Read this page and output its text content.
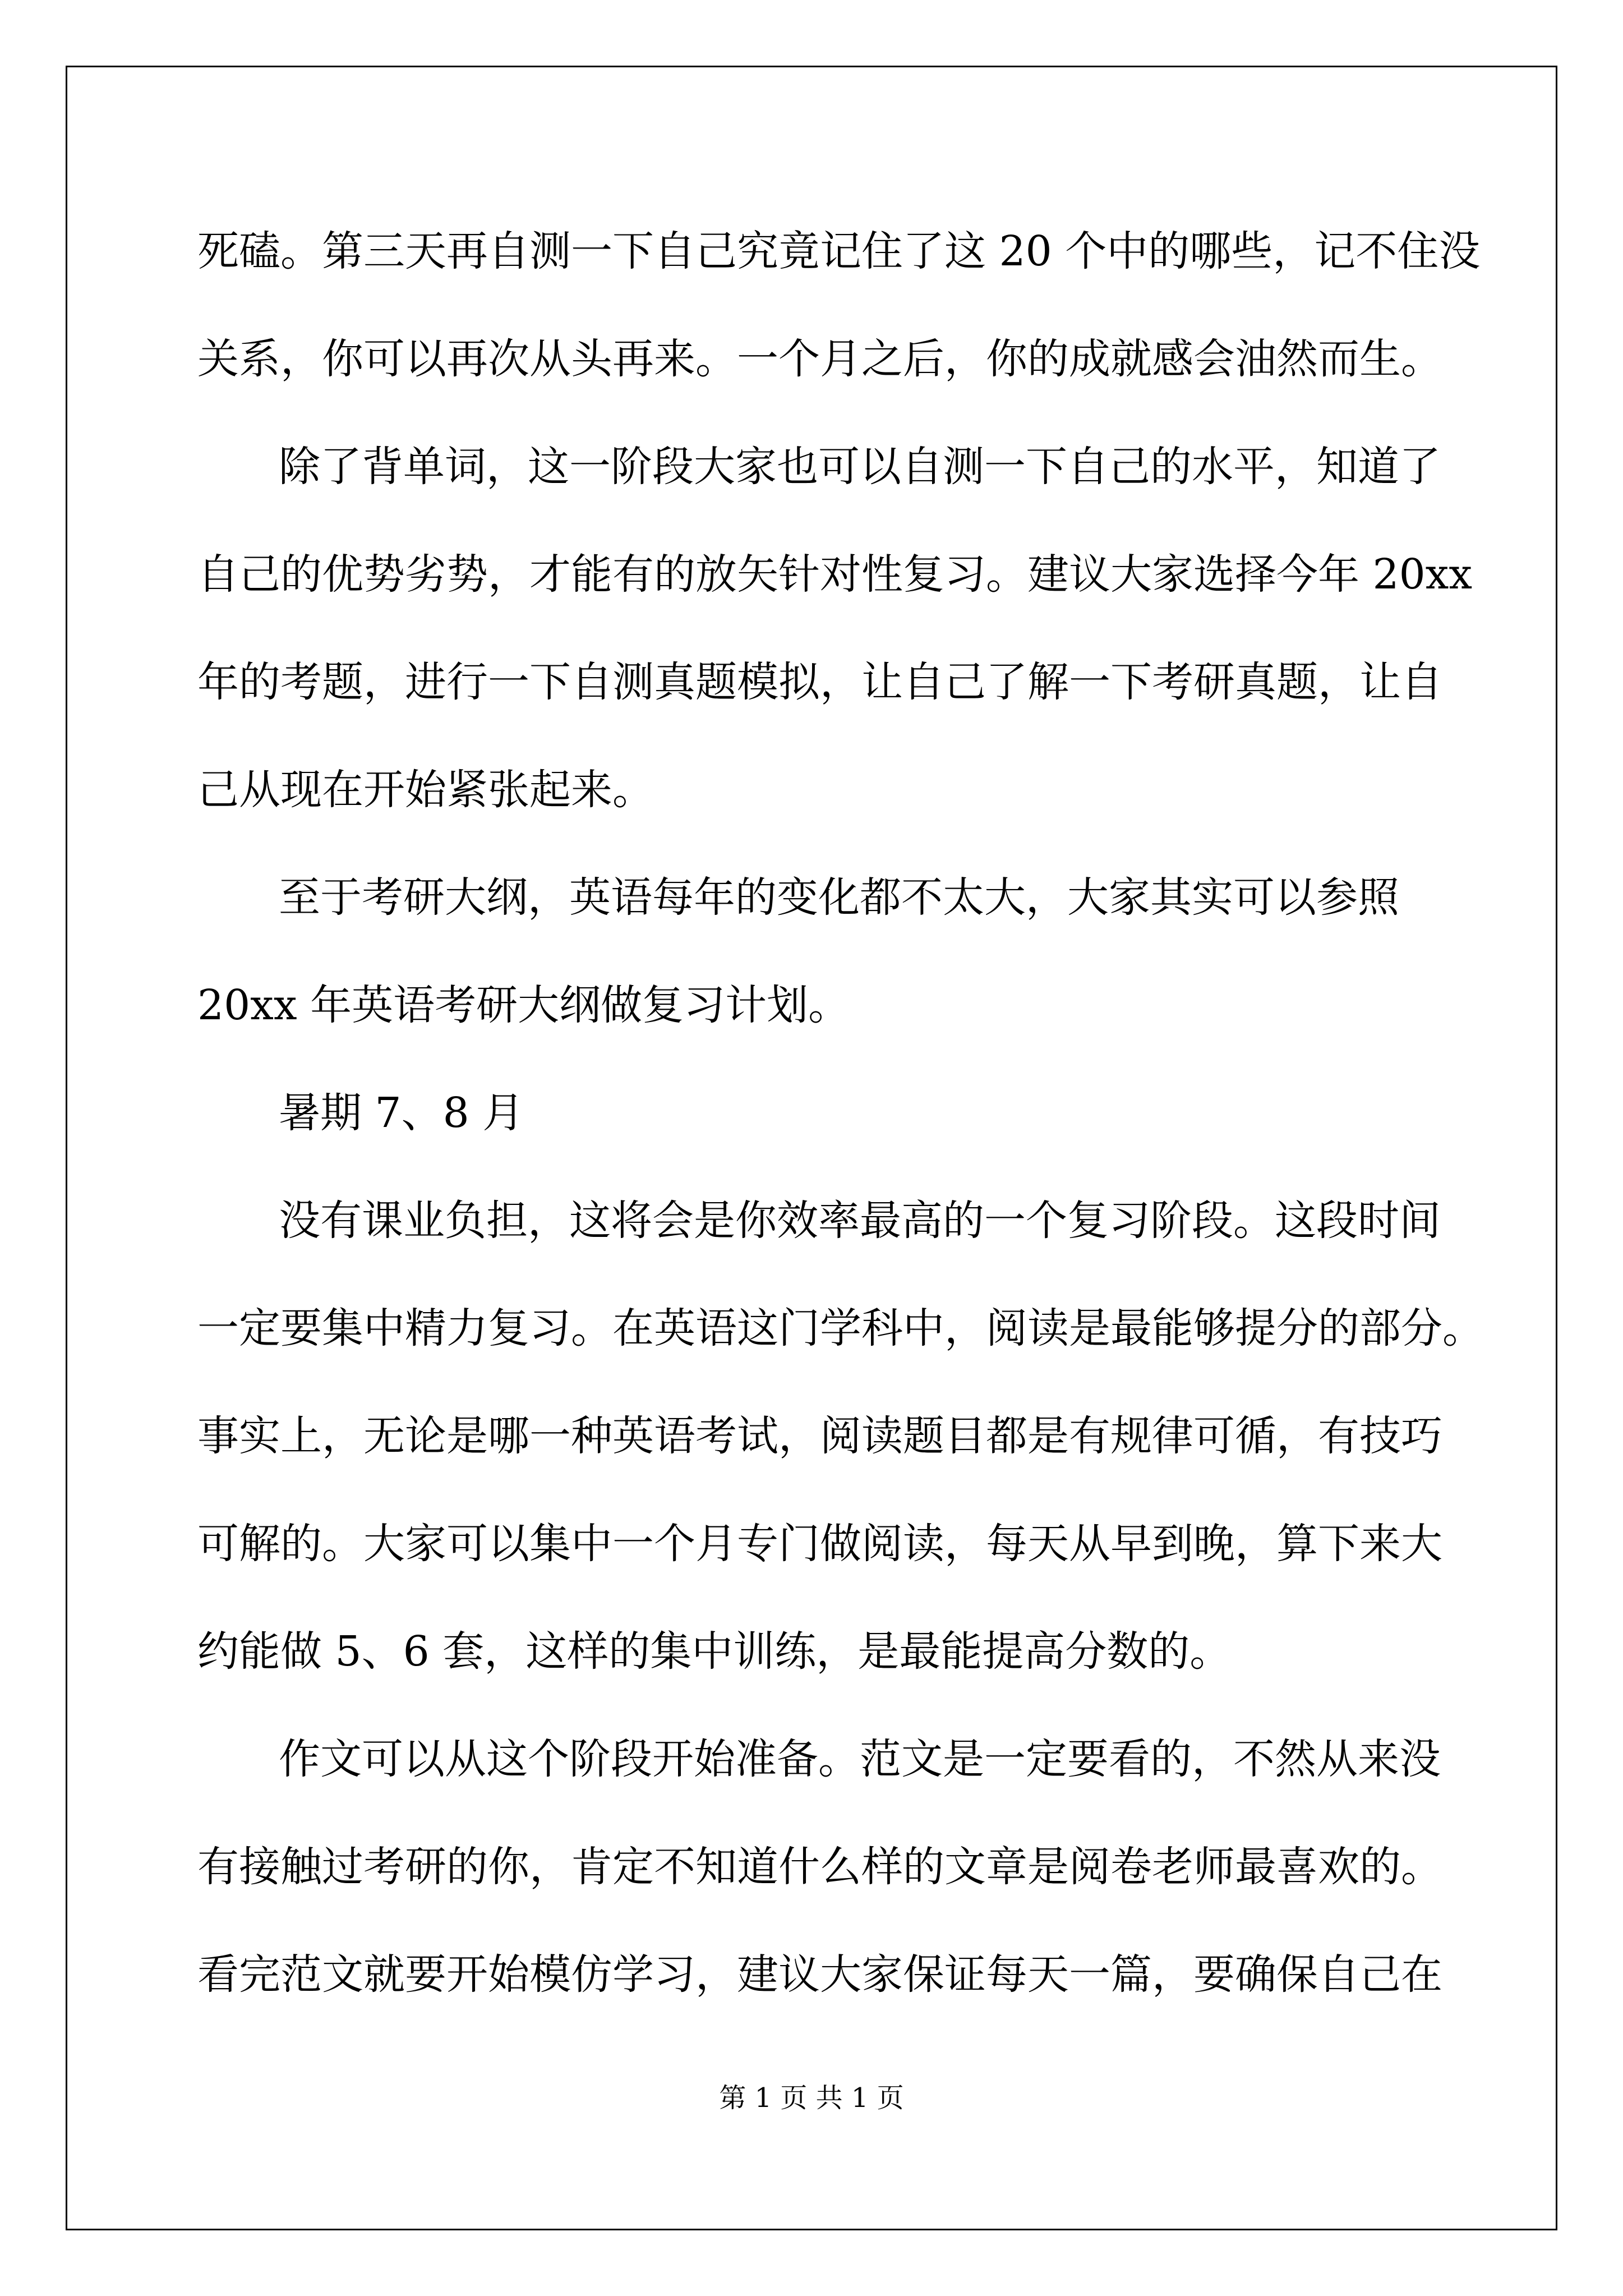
死磕。第三天再自测一下自己究竟记住了这 20 个中的哪些，记不住没

关系，你可以再次从头再来。一个月之后，你的成就感会油然而生。

除了背单词，这一阶段大家也可以自测一下自己的水平，知道了

自己的优势劣势，才能有的放矢针对性复习。建议大家选择今年 20xx

年的考题，进行一下自测真题模拟，让自己了解一下考研真题，让自

己从现在开始紧张起来。

至于考研大纲，英语每年的变化都不太大，大家其实可以参照

20xx 年英语考研大纲做复习计划。

暑期 7、8 月

没有课业负担，这将会是你效率最高的一个复习阶段。这段时间

一定要集中精力复习。在英语这门学科中，阅读是最能够提分的部分。

事实上，无论是哪一种英语考试，阅读题目都是有规律可循，有技巧

可解的。大家可以集中一个月专门做阅读，每天从早到晚，算下来大

约能做 5、6 套，这样的集中训练，是最能提高分数的。

作文可以从这个阶段开始准备。范文是一定要看的，不然从来没

有接触过考研的你，肯定不知道什么样的文章是阅卷老师最喜欢的。

看完范文就要开始模仿学习，建议大家保证每天一篇，要确保自己在

第 1 页 共 1 页
